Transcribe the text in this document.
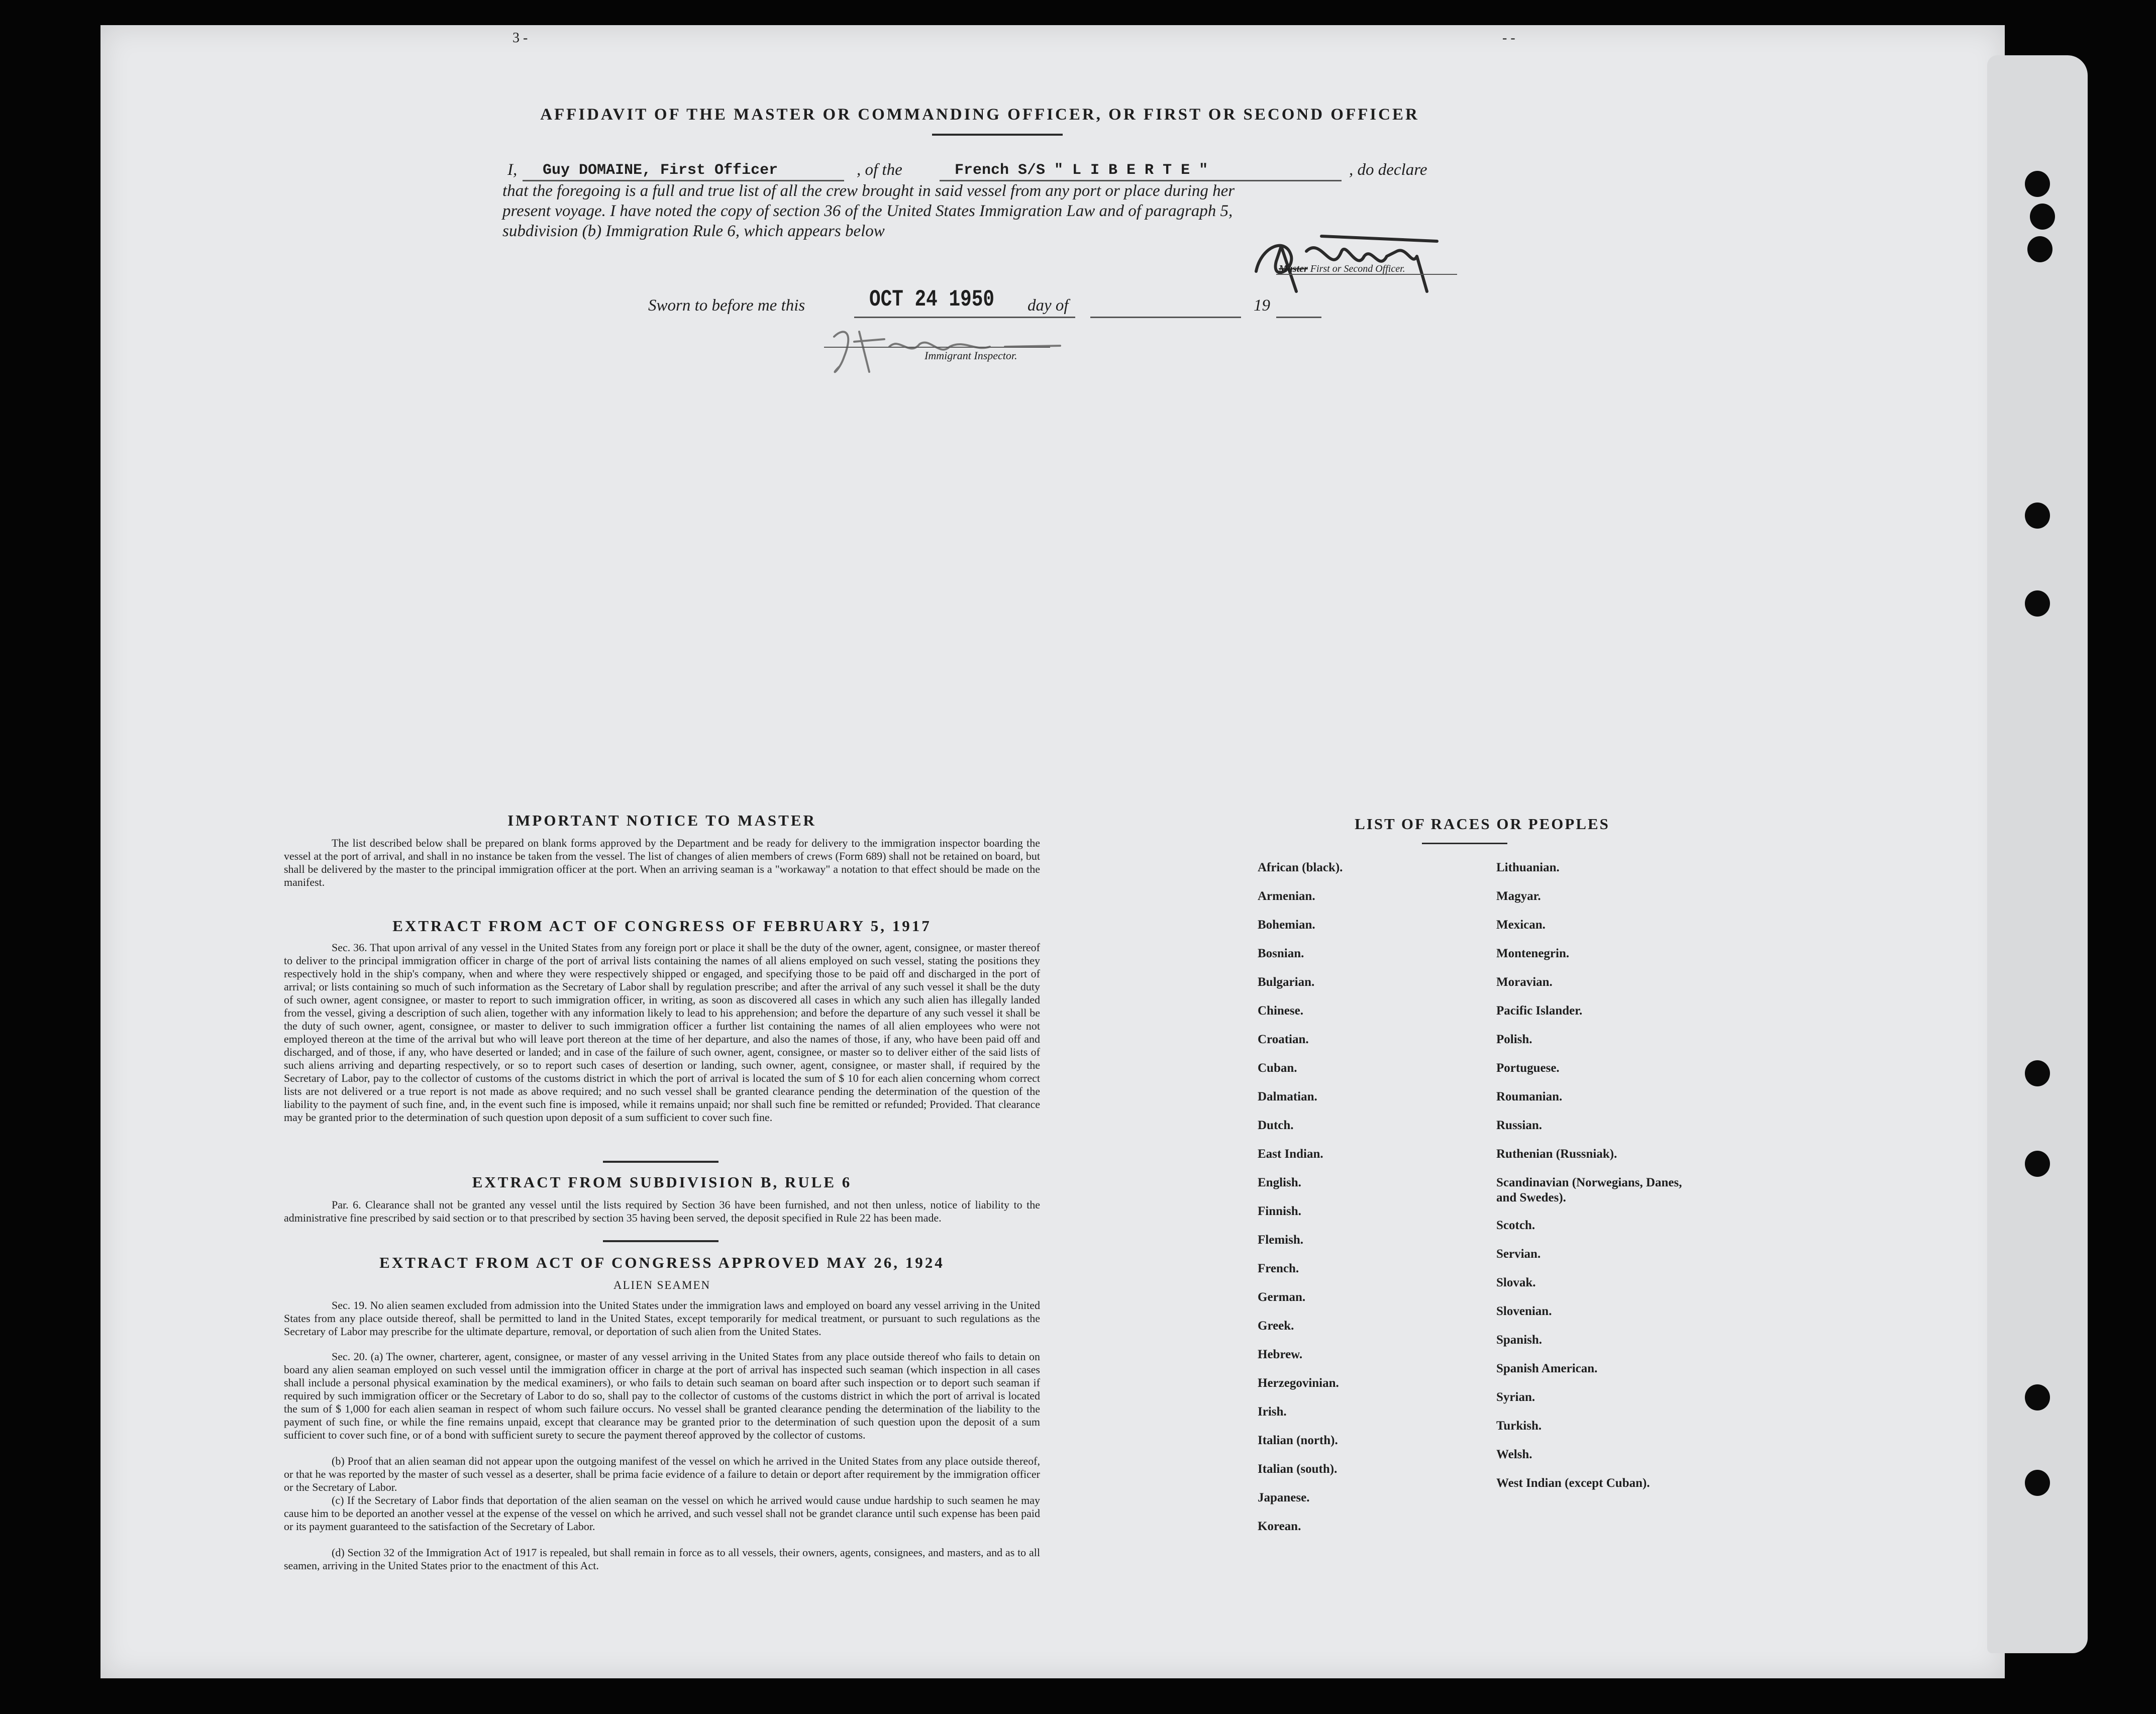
3 -	- -
AFFIDAVIT OF THE MASTER OR COMMANDING OFFICER, OR FIRST OR SECOND OFFICER
I, Guy DOMAINE, First Officer	, of the	French S/S " L I B E R T E "	, do declare
that the foregoing is a full and true list of all the crew brought in said vessel from any port or place during her
present voyage. I have noted the copy of section 36 of the United States Immigration Law and of paragraph 5,
subdivision (b) Immigration Rule 6, which appears below
Master First or Second Officer.
Sworn to before me this	OCT 24 1950 day of	19
Immigrant Inspector.
IMPORTANT NOTICE TO MASTER
The list described below shall be prepared on blank forms approved by the Department and be ready for delivery to the immigration inspector boarding the vessel at the port of arrival, and shall in no instance be taken from the vessel. The list of changes of alien members of crews (Form 689) shall not be retained on board, but shall be delivered by the master to the principal immigration officer at the port. When an arriving seaman is a "workaway" a notation to that effect should be made on the manifest.
EXTRACT FROM ACT OF CONGRESS OF FEBRUARY 5, 1917
Sec. 36. That upon arrival of any vessel in the United States from any foreign port or place it shall be the duty of the owner, agent, consignee, or master thereof to deliver to the principal immigration officer in charge of the port of arrival lists containing the names of all aliens employed on such vessel, stating the positions they respectively hold in the ship's company, when and where they were respectively shipped or engaged, and specifying those to be paid off and discharged in the port of arrival; or lists containing so much of such information as the Secretary of Labor shall by regulation prescribe; and after the arrival of any such vessel it shall be the duty of such owner, agent consignee, or master to report to such immigration officer, in writing, as soon as discovered all cases in which any such alien has illegally landed from the vessel, giving a description of such alien, together with any information likely to lead to his apprehension; and before the departure of any such vessel it shall be the duty of such owner, agent, consignee, or master to deliver to such immigration officer a further list containing the names of all alien employees who were not employed thereon at the time of the arrival but who will leave port thereon at the time of her departure, and also the names of those, if any, who have been paid off and discharged, and of those, if any, who have deserted or landed; and in case of the failure of such owner, agent, consignee, or master so to deliver either of the said lists of such aliens arriving and departing respectively, or so to report such cases of desertion or landing, such owner, agent, consignee, or master shall, if required by the Secretary of Labor, pay to the collector of customs of the customs district in which the port of arrival is located the sum of $ 10 for each alien concerning whom correct lists are not delivered or a true report is not made as above required; and no such vessel shall be granted clearance pending the determination of the question of the liability to the payment of such fine, and, in the event such fine is imposed, while it remains unpaid; nor shall such fine be remitted or refunded; Provided. That clearance may be granted prior to the determination of such question upon deposit of a sum sufficient to cover such fine.
EXTRACT FROM SUBDIVISION B, RULE 6
Par. 6. Clearance shall not be granted any vessel until the lists required by Section 36 have been furnished, and not then unless, notice of liability to the administrative fine prescribed by said section or to that prescribed by section 35 having been served, the deposit specified in Rule 22 has been made.
EXTRACT FROM ACT OF CONGRESS APPROVED MAY 26, 1924
ALIEN SEAMEN
Sec. 19. No alien seamen excluded from admission into the United States under the immigration laws and employed on board any vessel arriving in the United States from any place outside thereof, shall be permitted to land in the United States, except temporarily for medical treatment, or pursuant to such regulations as the Secretary of Labor may prescribe for the ultimate departure, removal, or deportation of such alien from the United States.
Sec. 20. (a) The owner, charterer, agent, consignee, or master of any vessel arriving in the United States from any place outside thereof who fails to detain on board any alien seaman employed on such vessel until the immigration officer in charge at the port of arrival has inspected such seaman (which inspection in all cases shall include a personal physical examination by the medical examiners), or who fails to detain such seaman on board after such inspection or to deport such seaman if required by such immigration officer or the Secretary of Labor to do so, shall pay to the collector of customs of the customs district in which the port of arrival is located the sum of $ 1,000 for each alien seaman in respect of whom such failure occurs. No vessel shall be granted clearance pending the determination of the liability to the payment of such fine, or while the fine remains unpaid, except that clearance may be granted prior to the determination of such question upon the deposit of a sum sufficient to cover such fine, or of a bond with sufficient surety to secure the payment thereof approved by the collector of customs.
(b) Proof that an alien seaman did not appear upon the outgoing manifest of the vessel on which he arrived in the United States from any place outside thereof, or that he was reported by the master of such vessel as a deserter, shall be prima facie evidence of a failure to detain or deport after requirement by the immigration officer or the Secretary of Labor.
(c) If the Secretary of Labor finds that deportation of the alien seaman on the vessel on which he arrived would cause undue hardship to such seamen he may cause him to be deported an another vessel at the expense of the vessel on which he arrived, and such vessel shall not be grandet clarance until such expense has been paid or its payment guaranteed to the satisfaction of the Secretary of Labor.
(d) Section 32 of the Immigration Act of 1917 is repealed, but shall remain in force as to all vessels, their owners, agents, consignees, and masters, and as to all seamen, arriving in the United States prior to the enactment of this Act.
LIST OF RACES OR PEOPLES
African (black).
Armenian.
Bohemian.
Bosnian.
Bulgarian.
Chinese.
Croatian.
Cuban.
Dalmatian.
Dutch.
East Indian.
English.
Finnish.
Flemish.
French.
German.
Greek.
Hebrew.
Herzegovinian.
Irish.
Italian (north).
Italian (south).
Japanese.
Korean.
Lithuanian.
Magyar.
Mexican.
Montenegrin.
Moravian.
Pacific Islander.
Polish.
Portuguese.
Roumanian.
Russian.
Ruthenian (Russniak).
Scandinavian (Norwegians, Danes, and Swedes).
Scotch.
Servian.
Slovak.
Slovenian.
Spanish.
Spanish American.
Syrian.
Turkish.
Welsh.
West Indian (except Cuban).
